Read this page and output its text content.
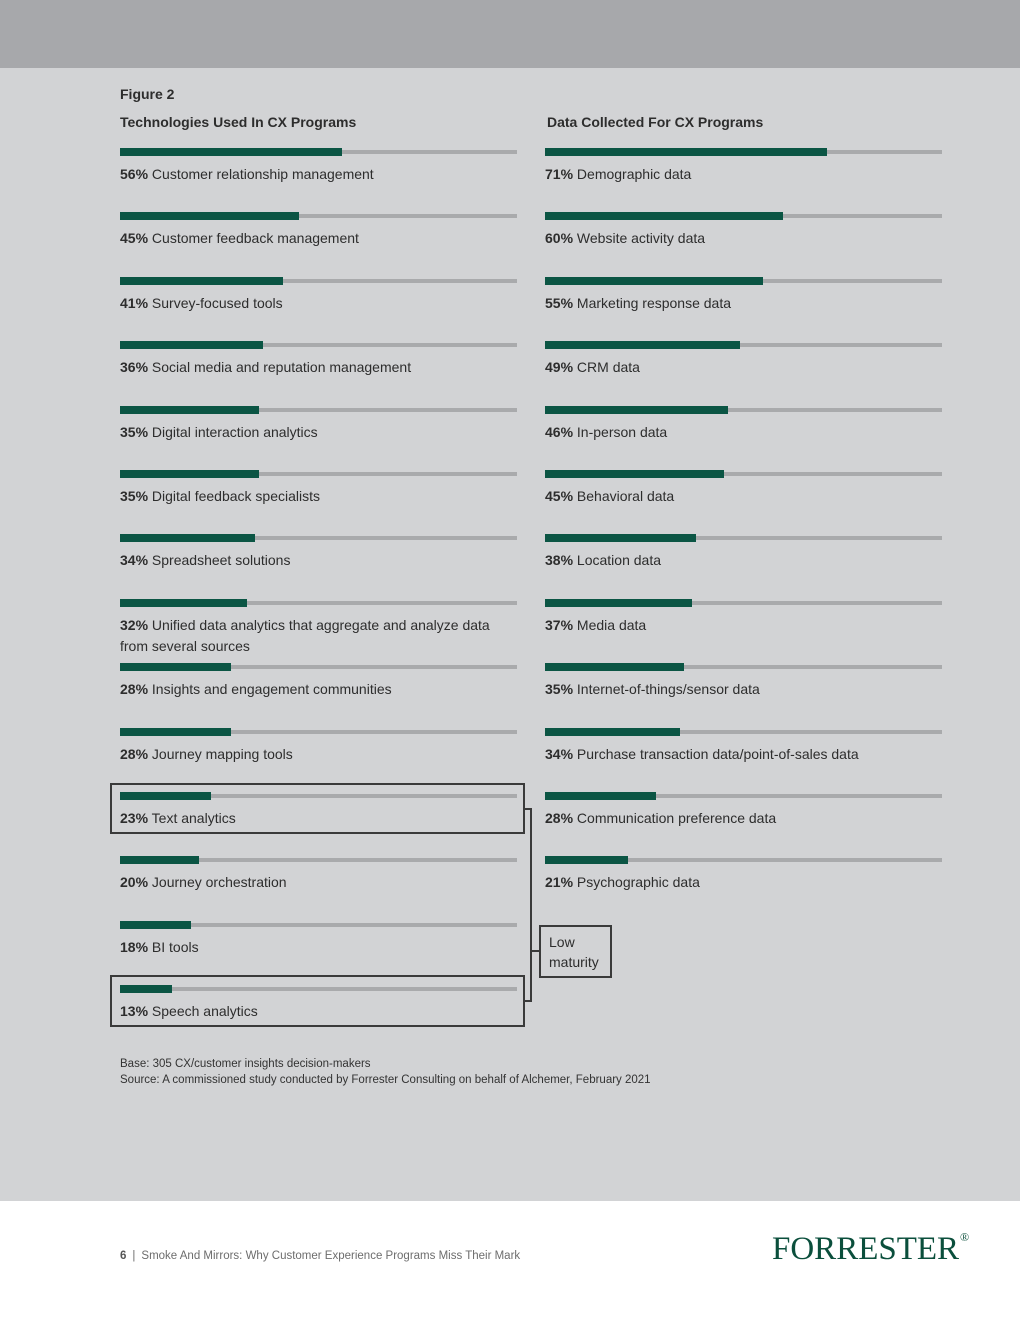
Figure 2
Technologies Used In CX Programs	Data Collected For CX Programs
56% Customer relationship management
45% Customer feedback management
41% Survey-focused tools
36% Social media and reputation management
35% Digital interaction analytics
35% Digital feedback specialists
34% Spreadsheet solutions
32% Unified data analytics that aggregate and analyze data from several sources
28% Insights and engagement communities
28% Journey mapping tools
23% Text analytics
20% Journey orchestration
18% BI tools
13% Speech analytics
71% Demographic data
60% Website activity data
55% Marketing response data
49% CRM data
46% In-person data
45% Behavioral data
38% Location data
37% Media data
35% Internet-of-things/sensor data
34% Purchase transaction data/point-of-sales data
28% Communication preference data
21% Psychographic data
Low
maturity
Base: 305 CX/customer insights decision-makers
Source: A commissioned study conducted by Forrester Consulting on behalf of Alchemer, February 2021
6 | Smoke And Mirrors: Why Customer Experience Programs Miss Their Mark	FORRESTER®
